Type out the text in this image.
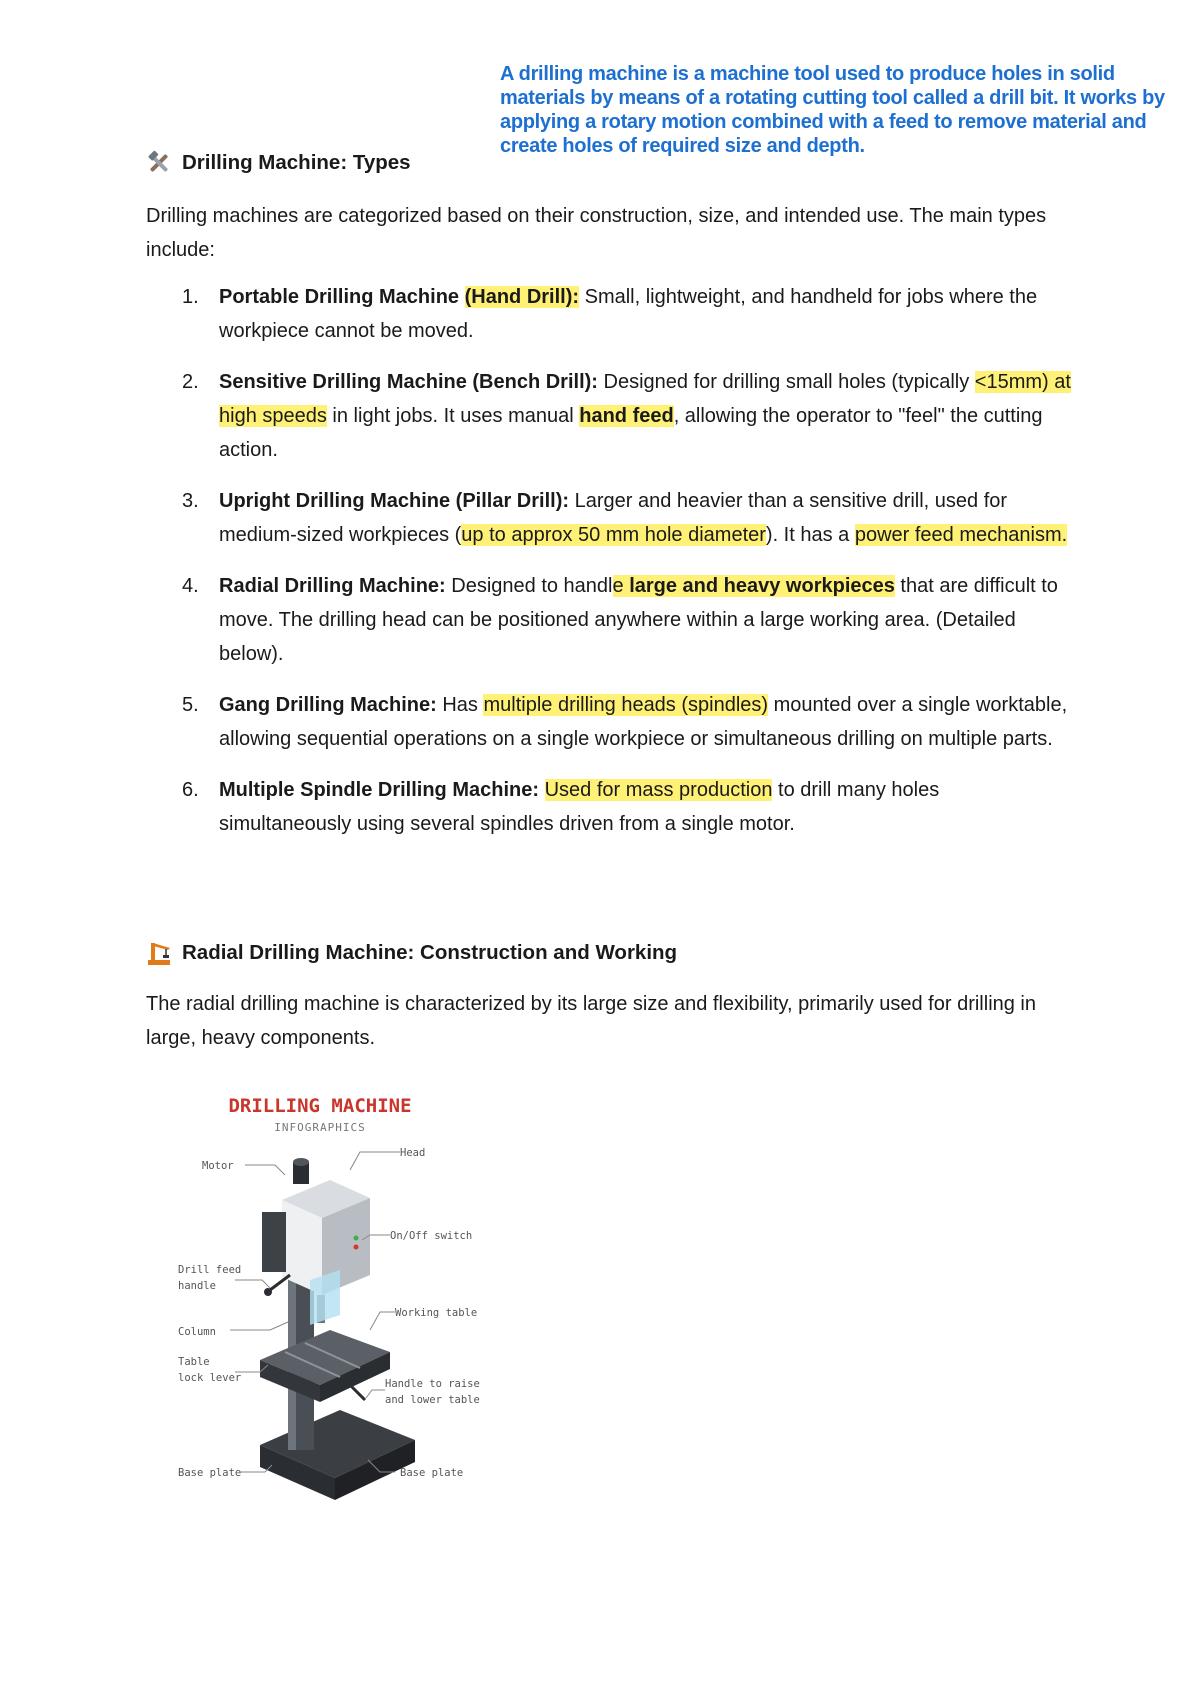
A drilling machine is a machine tool used to produce holes in solid materials by means of a rotating cutting tool called a drill bit. It works by applying a rotary motion combined with a feed to remove material and create holes of required size and depth.
Drilling Machine: Types
Drilling machines are categorized based on their construction, size, and intended use. The main types include:
1. Portable Drilling Machine (Hand Drill): Small, lightweight, and handheld for jobs where the workpiece cannot be moved.
2. Sensitive Drilling Machine (Bench Drill): Designed for drilling small holes (typically <15mm) at high speeds in light jobs. It uses manual hand feed, allowing the operator to "feel" the cutting action.
3. Upright Drilling Machine (Pillar Drill): Larger and heavier than a sensitive drill, used for medium-sized workpieces (up to approx 50 mm hole diameter). It has a power feed mechanism.
4. Radial Drilling Machine: Designed to handle large and heavy workpieces that are difficult to move. The drilling head can be positioned anywhere within a large working area. (Detailed below).
5. Gang Drilling Machine: Has multiple drilling heads (spindles) mounted over a single worktable, allowing sequential operations on a single workpiece or simultaneous drilling on multiple parts.
6. Multiple Spindle Drilling Machine: Used for mass production to drill many holes simultaneously using several spindles driven from a single motor.
Radial Drilling Machine: Construction and Working
The radial drilling machine is characterized by its large size and flexibility, primarily used for drilling in large, heavy components.
DRILLING MACHINE
INFOGRAPHICS
Motor
Head
On/Off switch
Drill feed
handle
Column
Working table
Table
lock lever	Handle to raise
and lower table
Base plate	Base plate
